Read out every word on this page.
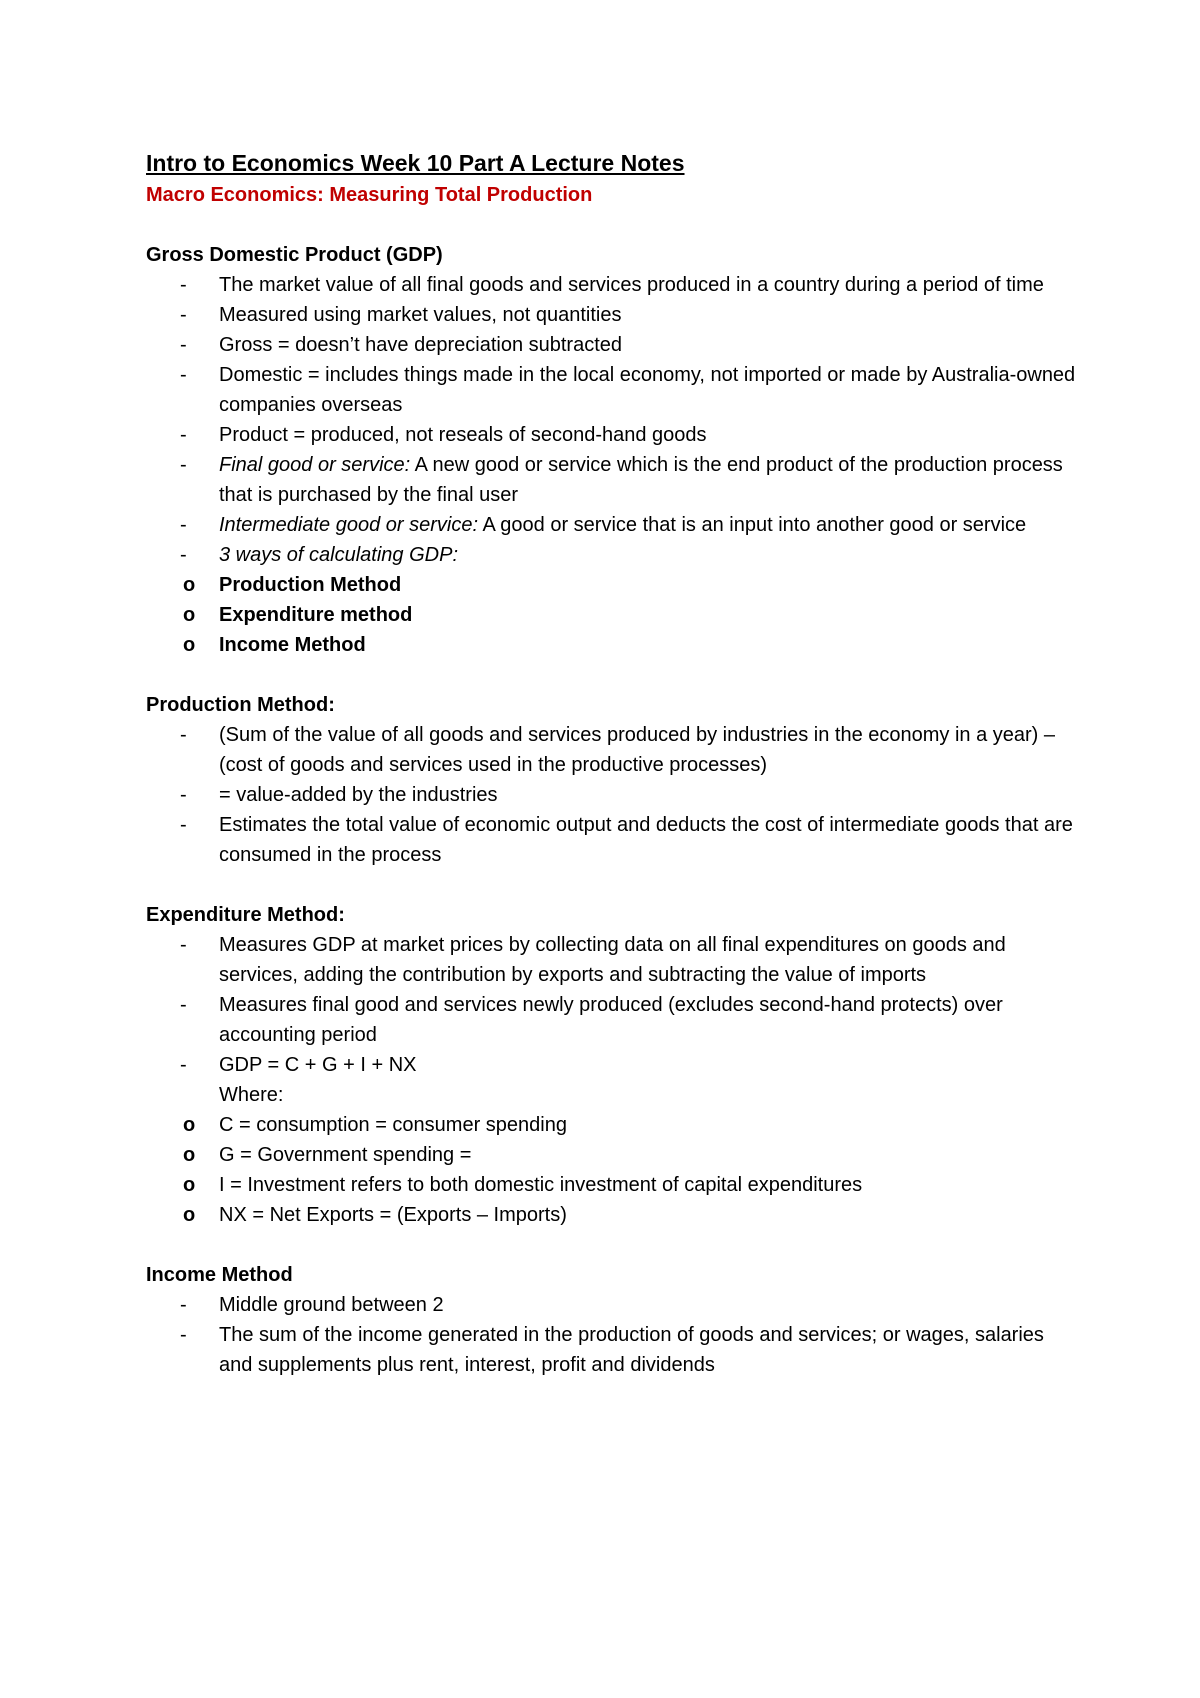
Intro to Economics Week 10 Part A Lecture Notes

Macro Economics: Measuring Total Production

Gross Domestic Product (GDP)

- The market value of all final goods and services produced in a country during a period of time
- Measured using market values, not quantities
- Gross = doesn’t have depreciation subtracted
- Domestic = includes things made in the local economy, not imported or made by Australia-owned companies overseas
- Product = produced, not reseals of second-hand goods
- Final good or service: A new good or service which is the end product of the production process that is purchased by the final user
- Intermediate good or service: A good or service that is an input into another good or service
- 3 ways of calculating GDP:
o Production Method
o Expenditure method
o Income Method

Production Method:

- (Sum of the value of all goods and services produced by industries in the economy in a year) – (cost of goods and services used in the productive processes)
- = value-added by the industries
- Estimates the total value of economic output and deducts the cost of intermediate goods that are consumed in the process

Expenditure Method:

- Measures GDP at market prices by collecting data on all final expenditures on goods and services, adding the contribution by exports and subtracting the value of imports
- Measures final good and services newly produced (excludes second-hand protects) over accounting period
- GDP = C + G + I + NX
Where:
o C = consumption = consumer spending
o G = Government spending =
o I = Investment refers to both domestic investment of capital expenditures
o NX = Net Exports = (Exports – Imports)

Income Method

- Middle ground between 2
- The sum of the income generated in the production of goods and services; or wages, salaries and supplements plus rent, interest, profit and dividends
